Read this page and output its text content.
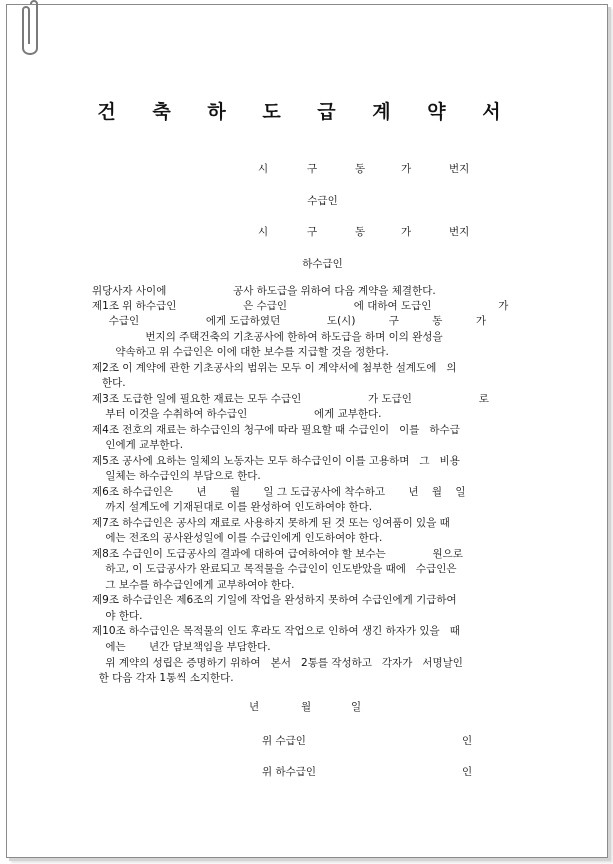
건 축 하 도 급 계 약 서
시	구	동	가	번지
수급인
시	구	동	가	번지
하수급인
위당사자 사이에                    공사 하도급을 위하여 다음 계약을 체결한다.
제1조 위 하수급인                    은 수급인                    에 대하여 도급인                    가
수급인                    에게 도급하였던              도(시)          구          동          가
번지의 주택건축의 기초공사에 한하여 하도급을 하며 이의 완성을
약속하고 위 수급인은 이에 대한 보수를 지급할 것을 정한다.
제2조 이 계약에 관한 기초공사의 범위는 모두 이 계약서에 첨부한 설계도에   의
한다.
제3조 도급한 일에 필요한 재료는 모두 수급인                    가 도급인                    로
부터 이것을 수취하여 하수급인                    에게 교부한다.
제4조 전호의 재료는 하수급인의 청구에 따라 필요할 때 수급인이   이를   하수급
인에게 교부한다.
제5조 공사에 요하는 일체의 노동자는 모두 하수급인이 이를 고용하며   그   비용
일체는 하수급인의 부담으로 한다.
제6조 하수급인은       년       월       일 그 도급공사에 착수하고       년    월    일
까지 설계도에 기재된대로 이를 완성하여 인도하여야 한다.
제7조 하수급인은 공사의 재료로 사용하지 못하게 된 것 또는 잉여품이 있을 때
에는 전조의 공사완성일에 이를 수급인에게 인도하여야 한다.
제8조 수급인이 도급공사의 결과에 대하여 급여하여야 할 보수는              원으로
하고, 이 도급공사가 완료되고 목적물을 수급인이 인도받았을 때에   수급인은
그 보수를 하수급인에게 교부하여야 한다.
제9조 하수급인은 제6조의 기일에 작업을 완성하지 못하여 수급인에게 기급하여
야 한다.
제10조 하수급인은 목적물의 인도 후라도 작업으로 인하여 생긴 하자가 있을   때
에는       년간 담보책임을 부담한다.
위 계약의 성립은 증명하기 위하여   본서   2통를 작성하고   각자가   서명날인
한 다음 각자 1통씩 소지한다.
년	월	일
위 수급인	인
위 하수급인	인
